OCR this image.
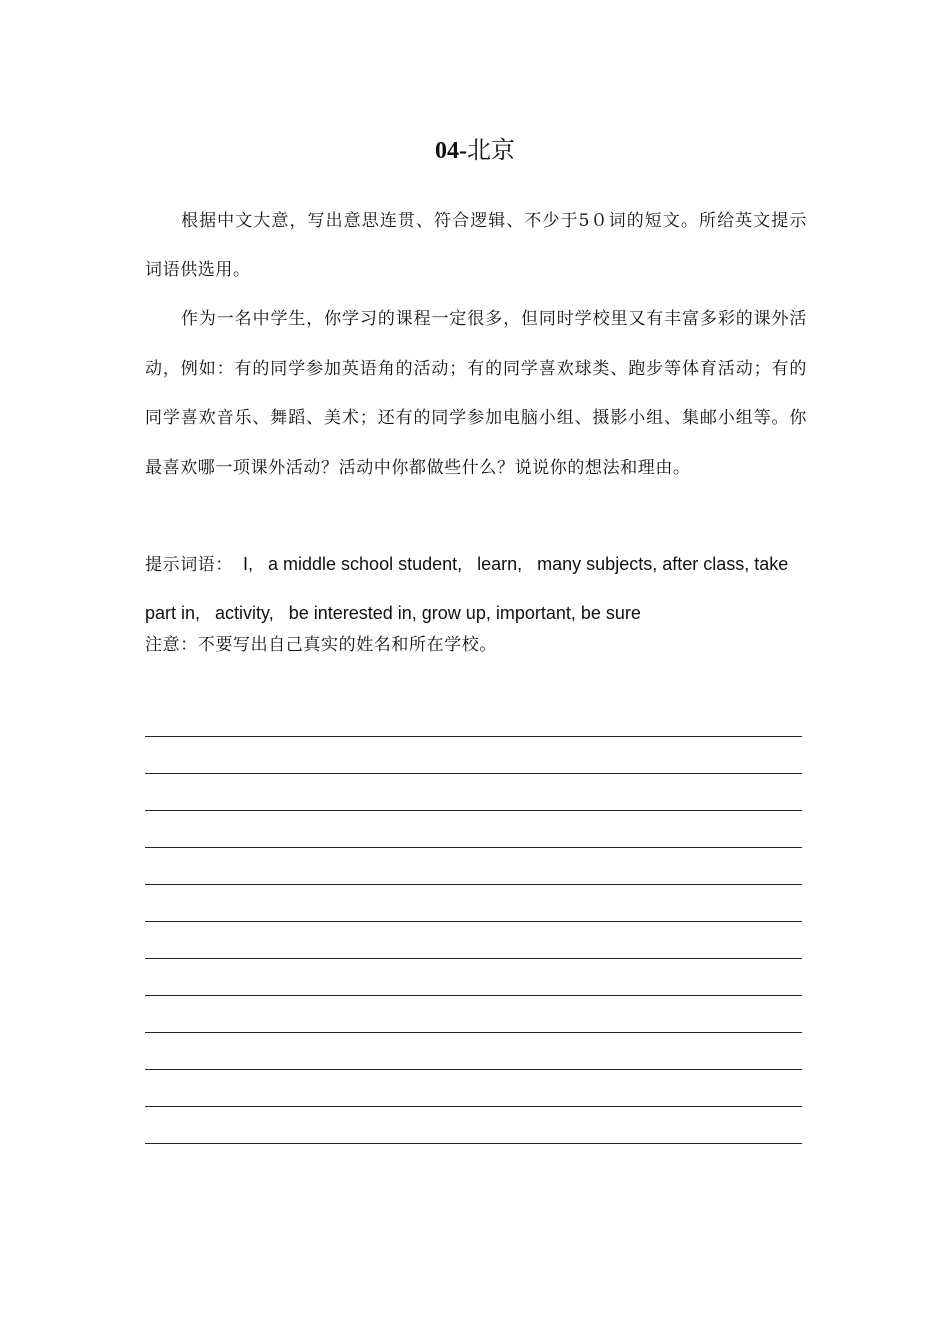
04-北京
根据中文大意，写出意思连贯、符合逻辑、不少于5０词的短文。所给英文提示词语供选用。
作为一名中学生，你学习的课程一定很多，但同时学校里又有丰富多彩的课外活动，例如：有的同学参加英语角的活动；有的同学喜欢球类、跑步等体育活动；有的同学喜欢音乐、舞蹈、美术；还有的同学参加电脑小组、摄影小组、集邮小组等。你最喜欢哪一项课外活动？活动中你都做些什么？说说你的想法和理由。
提示词语：  I,   a middle school student,   learn,   many subjects, after class, take part in,   activity,   be interested in, grow up, important, be sure
注意：不要写出自己真实的姓名和所在学校。
